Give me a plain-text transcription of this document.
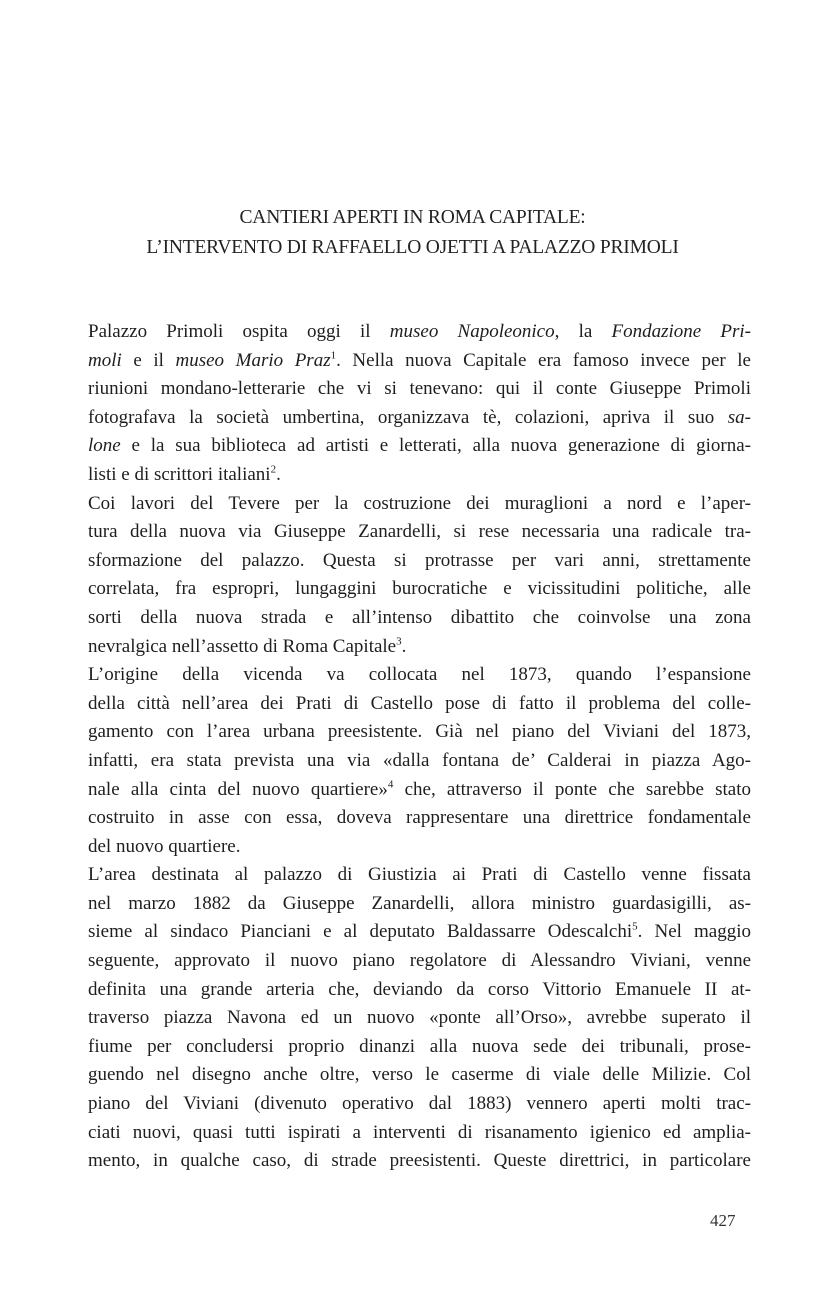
CANTIERI APERTI IN ROMA CAPITALE:
L’INTERVENTO DI RAFFAELLO OJETTI A PALAZZO PRIMOLI
Palazzo Primoli ospita oggi il museo Napoleonico, la Fondazione Pri-
moli e il museo Mario Praz$^1$. Nella nuova Capitale era famoso invece per le
riunioni mondano-letterarie che vi si tenevano: qui il conte Giuseppe Primoli
fotografava la società umbertina, organizzava tè, colazioni, apriva il suo sa-
lone e la sua biblioteca ad artisti e letterati, alla nuova generazione di giorna-
listi e di scrittori italiani$^2$.
Coi lavori del Tevere per la costruzione dei muraglioni a nord e l’aper-
tura della nuova via Giuseppe Zanardelli, si rese necessaria una radicale tra-
sformazione del palazzo. Questa si protrasse per vari anni, strettamente
correlata, fra espropri, lungaggini burocratiche e vicissitudini politiche, alle
sorti della nuova strada e all’intenso dibattito che coinvolse una zona
nevralgica nell’assetto di Roma Capitale$^3$.
L’origine della vicenda va collocata nel 1873, quando l’espansione
della città nell’area dei Prati di Castello pose di fatto il problema del colle-
gamento con l’area urbana preesistente. Già nel piano del Viviani del 1873,
infatti, era stata prevista una via «dalla fontana de’ Calderai in piazza Ago-
nale alla cinta del nuovo quartiere»$^4$ che, attraverso il ponte che sarebbe stato
costruito in asse con essa, doveva rappresentare una direttrice fondamentale
del nuovo quartiere.
L’area destinata al palazzo di Giustizia ai Prati di Castello venne fissata
nel marzo 1882 da Giuseppe Zanardelli, allora ministro guardasigilli, as-
sieme al sindaco Pianciani e al deputato Baldassarre Odescalchi$^5$. Nel maggio
seguente, approvato il nuovo piano regolatore di Alessandro Viviani, venne
definita una grande arteria che, deviando da corso Vittorio Emanuele II at-
traverso piazza Navona ed un nuovo «ponte all’Orso», avrebbe superato il
fiume per concludersi proprio dinanzi alla nuova sede dei tribunali, prose-
guendo nel disegno anche oltre, verso le caserme di viale delle Milizie. Col
piano del Viviani (divenuto operativo dal 1883) vennero aperti molti trac-
ciati nuovi, quasi tutti ispirati a interventi di risanamento igienico ed amplia-
mento, in qualche caso, di strade preesistenti. Queste direttrici, in particolare
427
